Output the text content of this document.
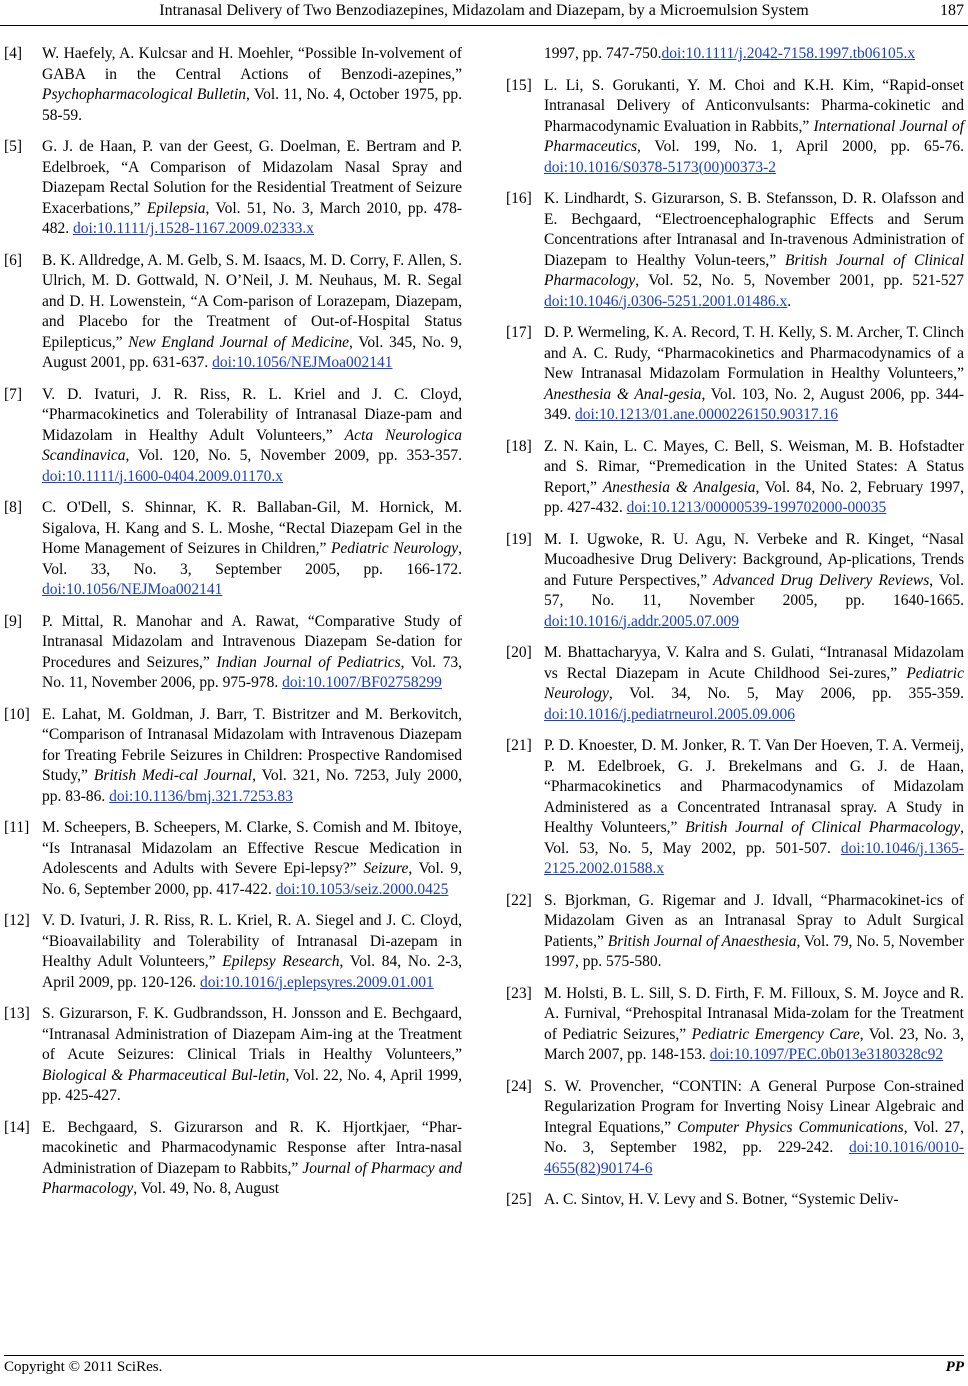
Intranasal Delivery of Two Benzodiazepines, Midazolam and Diazepam, by a Microemulsion System	187
[4]	W. Haefely, A. Kulcsar and H. Moehler, “Possible In-volvement of GABA in the Central Actions of Benzodi-azepines,” Psychopharmacological Bulletin, Vol. 11, No. 4, October 1975, pp. 58-59.
[5]	G. J. de Haan, P. van der Geest, G. Doelman, E. Bertram and P. Edelbroek, “A Comparison of Midazolam Nasal Spray and Diazepam Rectal Solution for the Residential Treatment of Seizure Exacerbations,” Epilepsia, Vol. 51, No. 3, March 2010, pp. 478-482. doi:10.1111/j.1528-1167.2009.02333.x
[6]	B. K. Alldredge, A. M. Gelb, S. M. Isaacs, M. D. Corry, F. Allen, S. Ulrich, M. D. Gottwald, N. O’Neil, J. M. Neuhaus, M. R. Segal and D. H. Lowenstein, “A Com-parison of Lorazepam, Diazepam, and Placebo for the Treatment of Out-of-Hospital Status Epilepticus,” New England Journal of Medicine, Vol. 345, No. 9, August 2001, pp. 631-637. doi:10.1056/NEJMoa002141
[7]	V. D. Ivaturi, J. R. Riss, R. L. Kriel and J. C. Cloyd, “Pharmacokinetics and Tolerability of Intranasal Diaze-pam and Midazolam in Healthy Adult Volunteers,” Acta Neurologica Scandinavica, Vol. 120, No. 5, November 2009, pp. 353-357. doi:10.1111/j.1600-0404.2009.01170.x
[8]	C. O'Dell, S. Shinnar, K. R. Ballaban-Gil, M. Hornick, M. Sigalova, H. Kang and S. L. Moshe, “Rectal Diazepam Gel in the Home Management of Seizures in Children,” Pediatric Neurology, Vol. 33, No. 3, September 2005, pp. 166-172. doi:10.1056/NEJMoa002141
[9]	P. Mittal, R. Manohar and A. Rawat, “Comparative Study of Intranasal Midazolam and Intravenous Diazepam Se-dation for Procedures and Seizures,” Indian Journal of Pediatrics, Vol. 73, No. 11, November 2006, pp. 975-978. doi:10.1007/BF02758299
[10] E. Lahat, M. Goldman, J. Barr, T. Bistritzer and M. Berkovitch, “Comparison of Intranasal Midazolam with Intravenous Diazepam for Treating Febrile Seizures in Children: Prospective Randomised Study,” British Medi-cal Journal, Vol. 321, No. 7253, July 2000, pp. 83-86. doi:10.1136/bmj.321.7253.83
[11] M. Scheepers, B. Scheepers, M. Clarke, S. Comish and M. Ibitoye, “Is Intranasal Midazolam an Effective Rescue Medication in Adolescents and Adults with Severe Epi-lepsy?” Seizure, Vol. 9, No. 6, September 2000, pp. 417-422. doi:10.1053/seiz.2000.0425
[12] V. D. Ivaturi, J. R. Riss, R. L. Kriel, R. A. Siegel and J. C. Cloyd, “Bioavailability and Tolerability of Intranasal Di-azepam in Healthy Adult Volunteers,” Epilepsy Research, Vol. 84, No. 2-3, April 2009, pp. 120-126. doi:10.1016/j.eplepsyres.2009.01.001
[13] S. Gizurarson, F. K. Gudbrandsson, H. Jonsson and E. Bechgaard, “Intranasal Administration of Diazepam Aim-ing at the Treatment of Acute Seizures: Clinical Trials in Healthy Volunteers,” Biological & Pharmaceutical Bul-letin, Vol. 22, No. 4, April 1999, pp. 425-427.
[14] E. Bechgaard, S. Gizurarson and R. K. Hjortkjaer, “Phar-macokinetic and Pharmacodynamic Response after Intra-nasal Administration of Diazepam to Rabbits,” Journal of Pharmacy and Pharmacology, Vol. 49, No. 8, August
1997, pp. 747-750. doi:10.1111/j.2042-7158.1997.tb06105.x
[15] L. Li, S. Gorukanti, Y. M. Choi and K.H. Kim, “Rapid-onset Intranasal Delivery of Anticonvulsants: Pharma-cokinetic and Pharmacodynamic Evaluation in Rabbits,” International Journal of Pharmaceutics, Vol. 199, No. 1, April 2000, pp. 65-76. doi:10.1016/S0378-5173(00)00373-2
[16] K. Lindhardt, S. Gizurarson, S. B. Stefansson, D. R. Olafsson and E. Bechgaard, “Electroencephalographic Effects and Serum Concentrations after Intranasal and In-travenous Administration of Diazepam to Healthy Volun-teers,” British Journal of Clinical Pharmacology, Vol. 52, No. 5, November 2001, pp. 521-527 doi:10.1046/j.0306-5251.2001.01486.x.
[17] D. P. Wermeling, K. A. Record, T. H. Kelly, S. M. Archer, T. Clinch and A. C. Rudy, “Pharmacokinetics and Pharmacodynamics of a New Intranasal Midazolam Formulation in Healthy Volunteers,” Anesthesia & Anal-gesia, Vol. 103, No. 2, August 2006, pp. 344-349. doi:10.1213/01.ane.0000226150.90317.16
[18] Z. N. Kain, L. C. Mayes, C. Bell, S. Weisman, M. B. Hofstadter and S. Rimar, “Premedication in the United States: A Status Report,” Anesthesia & Analgesia, Vol. 84, No. 2, February 1997, pp. 427-432. doi:10.1213/00000539-199702000-00035
[19] M. I. Ugwoke, R. U. Agu, N. Verbeke and R. Kinget, “Nasal Mucoadhesive Drug Delivery: Background, Ap-plications, Trends and Future Perspectives,” Advanced Drug Delivery Reviews, Vol. 57, No. 11, November 2005, pp. 1640-1665. doi:10.1016/j.addr.2005.07.009
[20] M. Bhattacharyya, V. Kalra and S. Gulati, “Intranasal Midazolam vs Rectal Diazepam in Acute Childhood Sei-zures,” Pediatric Neurology, Vol. 34, No. 5, May 2006, pp. 355-359. doi:10.1016/j.pediatrneurol.2005.09.006
[21] P. D. Knoester, D. M. Jonker, R. T. Van Der Hoeven, T. A. Vermeij, P. M. Edelbroek, G. J. Brekelmans and G. J. de Haan, “Pharmacokinetics and Pharmacodynamics of Midazolam Administered as a Concentrated Intranasal spray. A Study in Healthy Volunteers,” British Journal of Clinical Pharmacology, Vol. 53, No. 5, May 2002, pp. 501-507. doi:10.1046/j.1365-2125.2002.01588.x
[22] S. Bjorkman, G. Rigemar and J. Idvall, “Pharmacokinet-ics of Midazolam Given as an Intranasal Spray to Adult Surgical Patients,” British Journal of Anaesthesia, Vol. 79, No. 5, November 1997, pp. 575-580.
[23] M. Holsti, B. L. Sill, S. D. Firth, F. M. Filloux, S. M. Joyce and R. A. Furnival, “Prehospital Intranasal Mida-zolam for the Treatment of Pediatric Seizures,” Pediatric Emergency Care, Vol. 23, No. 3, March 2007, pp. 148-153. doi:10.1097/PEC.0b013e3180328c92
[24] S. W. Provencher, “CONTIN: A General Purpose Con-strained Regularization Program for Inverting Noisy Linear Algebraic and Integral Equations,” Computer Physics Communications, Vol. 27, No. 3, September 1982, pp. 229-242. doi:10.1016/0010-4655(82)90174-6
[25] A. C. Sintov, H. V. Levy and S. Botner, “Systemic Deliv-
Copyright © 2011 SciRes.	PP
